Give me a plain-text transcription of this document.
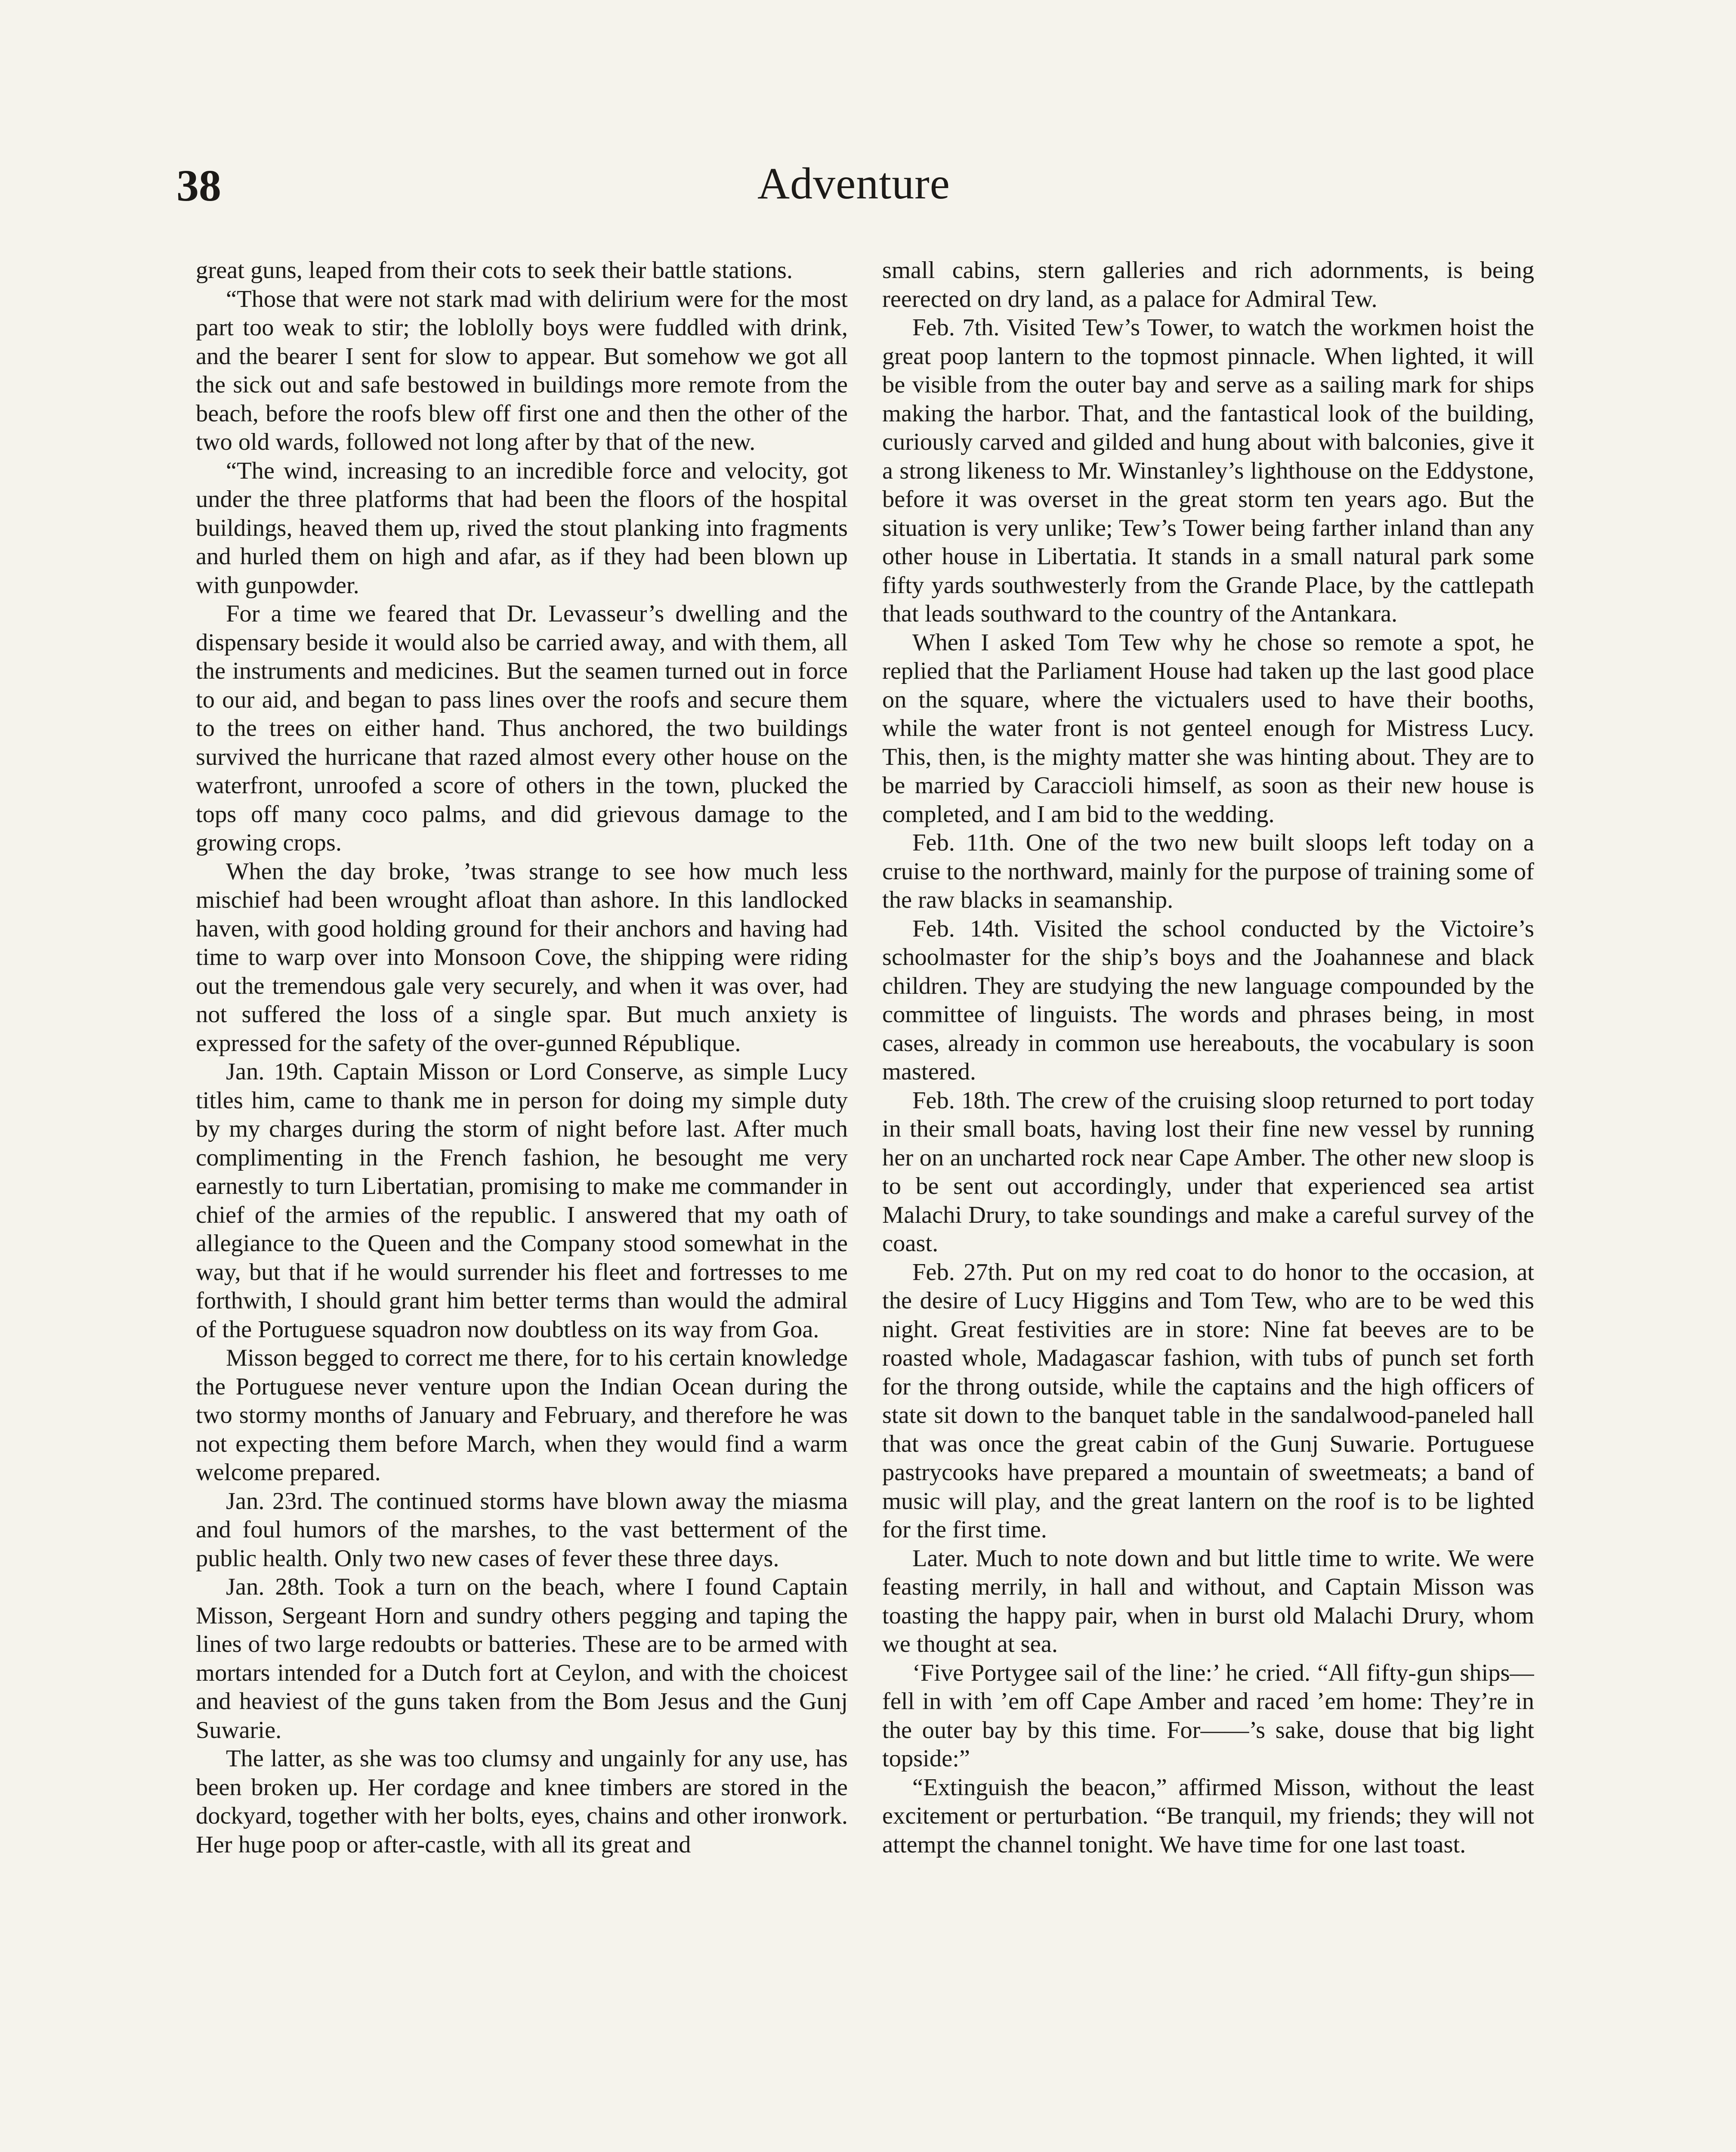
38	Adventure

great guns, leaped from their cots to seek their battle stations.

“Those that were not stark mad with delirium were for the most part too weak to stir; the loblolly boys were fuddled with drink, and the bearer I sent for slow to appear. But somehow we got all the sick out and safe bestowed in buildings more remote from the beach, before the roofs blew off first one and then the other of the two old wards, followed not long after by that of the new.

“The wind, increasing to an incredible force and velocity, got under the three platforms that had been the floors of the hospital buildings, heaved them up, rived the stout planking into fragments and hurled them on high and afar, as if they had been blown up with gunpowder.

For a time we feared that Dr. Levasseur’s dwelling and the dispensary beside it would also be carried away, and with them, all the instruments and medicines. But the seamen turned out in force to our aid, and began to pass lines over the roofs and secure them to the trees on either hand. Thus anchored, the two buildings survived the hurricane that razed almost every other house on the waterfront, unroofed a score of others in the town, plucked the tops off many coco palms, and did grievous damage to the growing crops.

When the day broke, ’twas strange to see how much less mischief had been wrought afloat than ashore. In this landlocked haven, with good holding ground for their anchors and having had time to warp over into Monsoon Cove, the shipping were riding out the tremendous gale very securely, and when it was over, had not suffered the loss of a single spar. But much anxiety is expressed for the safety of the over-gunned République.

Jan. 19th. Captain Misson or Lord Conserve, as simple Lucy titles him, came to thank me in person for doing my simple duty by my charges during the storm of night before last. After much complimenting in the French fashion, he besought me very earnestly to turn Libertatian, promising to make me commander in chief of the armies of the republic. I answered that my oath of allegiance to the Queen and the Company stood somewhat in the way, but that if he would surrender his fleet and fortresses to me forthwith, I should grant him better terms than would the admiral of the Portuguese squadron now doubtless on its way from Goa.

Misson begged to correct me there, for to his certain knowledge the Portuguese never venture upon the Indian Ocean during the two stormy months of January and February, and therefore he was not expecting them before March, when they would find a warm welcome prepared.

Jan. 23rd. The continued storms have blown away the miasma and foul humors of the marshes, to the vast betterment of the public health. Only two new cases of fever these three days.

Jan. 28th. Took a turn on the beach, where I found Captain Misson, Sergeant Horn and sundry others pegging and taping the lines of two large redoubts or batteries. These are to be armed with mortars intended for a Dutch fort at Ceylon, and with the choicest and heaviest of the guns taken from the Bom Jesus and the Gunj Suwarie.

The latter, as she was too clumsy and ungainly for any use, has been broken up. Her cordage and knee timbers are stored in the dockyard, together with her bolts, eyes, chains and other ironwork. Her huge poop or after-castle, with all its great and

small cabins, stern galleries and rich adornments, is being reerected on dry land, as a palace for Admiral Tew.

Feb. 7th. Visited Tew’s Tower, to watch the workmen hoist the great poop lantern to the topmost pinnacle. When lighted, it will be visible from the outer bay and serve as a sailing mark for ships making the harbor. That, and the fantastical look of the building, curiously carved and gilded and hung about with balconies, give it a strong likeness to Mr. Winstanley’s lighthouse on the Eddystone, before it was overset in the great storm ten years ago. But the situation is very unlike; Tew’s Tower being farther inland than any other house in Libertatia. It stands in a small natural park some fifty yards southwesterly from the Grande Place, by the cattlepath that leads southward to the country of the Antankara.

When I asked Tom Tew why he chose so remote a spot, he replied that the Parliament House had taken up the last good place on the square, where the victualers used to have their booths, while the water front is not genteel enough for Mistress Lucy. This, then, is the mighty matter she was hinting about. They are to be married by Caraccioli himself, as soon as their new house is completed, and I am bid to the wedding.

Feb. 11th. One of the two new built sloops left today on a cruise to the northward, mainly for the purpose of training some of the raw blacks in seamanship.

Feb. 14th. Visited the school conducted by the Victoire’s schoolmaster for the ship’s boys and the Joahannese and black children. They are studying the new language compounded by the committee of linguists. The words and phrases being, in most cases, already in common use hereabouts, the vocabulary is soon mastered.

Feb. 18th. The crew of the cruising sloop returned to port today in their small boats, having lost their fine new vessel by running her on an uncharted rock near Cape Amber. The other new sloop is to be sent out accordingly, under that experienced sea artist Malachi Drury, to take soundings and make a careful survey of the coast.

Feb. 27th. Put on my red coat to do honor to the occasion, at the desire of Lucy Higgins and Tom Tew, who are to be wed this night. Great festivities are in store: Nine fat beeves are to be roasted whole, Madagascar fashion, with tubs of punch set forth for the throng outside, while the captains and the high officers of state sit down to the banquet table in the sandalwood-paneled hall that was once the great cabin of the Gunj Suwarie. Portuguese pastrycooks have prepared a mountain of sweetmeats; a band of music will play, and the great lantern on the roof is to be lighted for the first time.

Later. Much to note down and but little time to write. We were feasting merrily, in hall and without, and Captain Misson was toasting the happy pair, when in burst old Malachi Drury, whom we thought at sea.

‘Five Portygee sail of the line:’ he cried. “All fifty-gun ships—fell in with ’em off Cape Amber and raced ’em home: They’re in the outer bay by this time. For——’s sake, douse that big light topside:”

“Extinguish the beacon,” affirmed Misson, without the least excitement or perturbation. “Be tranquil, my friends; they will not attempt the channel tonight. We have time for one last toast.
